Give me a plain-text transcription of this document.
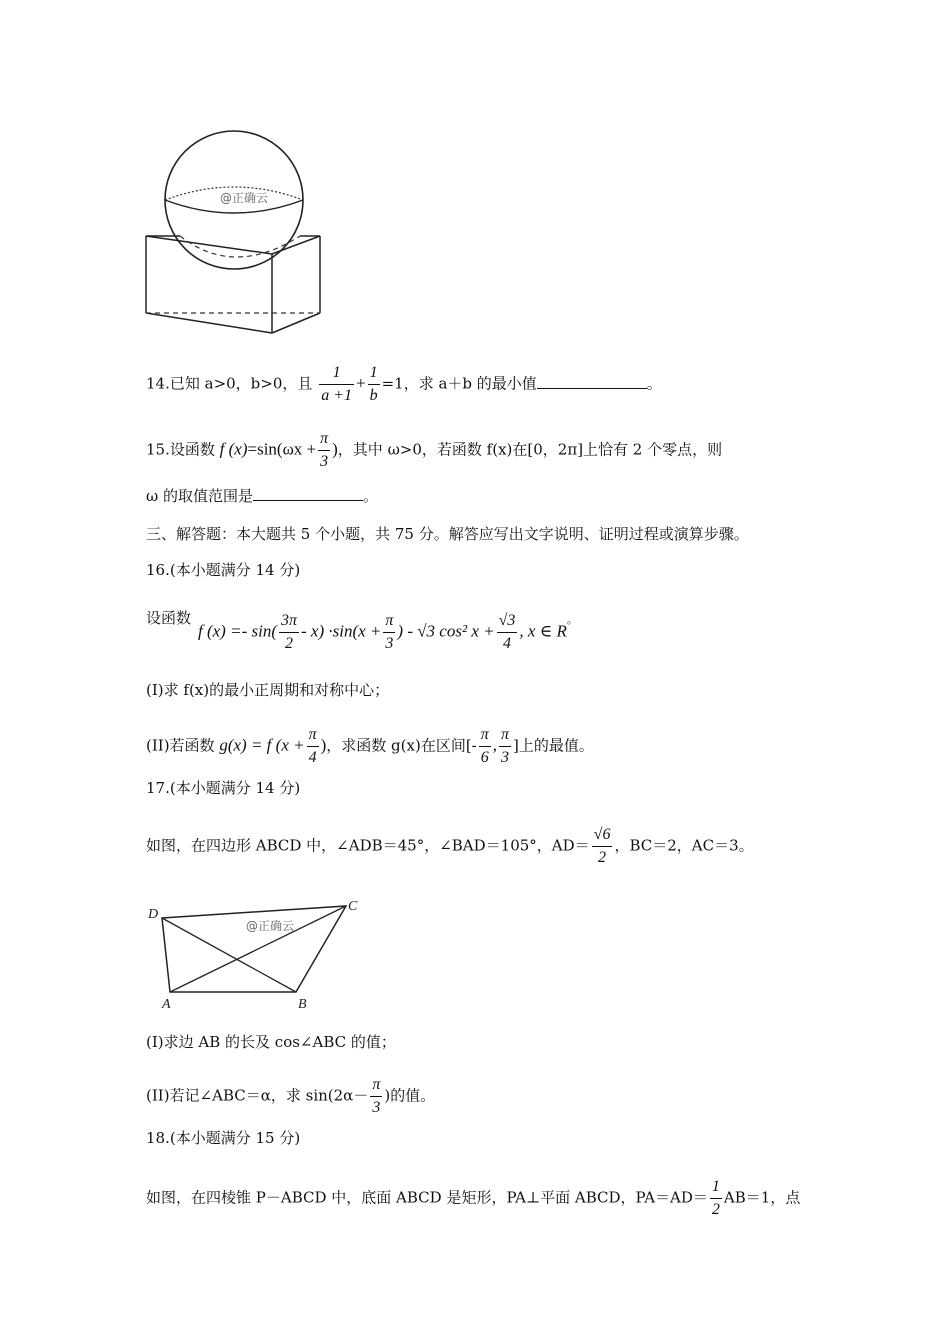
@正确云
14.已知 a>0，b>0，且 $\frac{1}{a +1} + \frac{1}{b} =1$，求 a＋b 的最小值	。
15.设函数 f $(x)=\sin(\omega x + \frac{\pi}{3}$ )，其中 ω>0，若函数 f(x)在[0，2π]上恰有 2 个零点，则
ω 的取值范围是	。
三、解答题：本大题共 5 个小题，共 75 分。解答应写出文字说明、证明过程或演算步骤。
16.(本小题满分 14 分)
设函数
f $(x) =- \sin( \frac{3\pi}{2} - x) \cdot\sin(x + \frac{\pi}{3}$ ) - √3 cos² $x + \frac{√3}{4}$ , x ∈ R。
(I)求 f(x)的最小正周期和对称中心；
(II)若函数 g(x) = f ($x + \frac{\pi}{4}$ )，求函数 g(x)在区间[- $\frac{\pi}{6}$ , $\frac{\pi}{3}$ ]上的最值。
17.(本小题满分 14 分)
如图，在四边形 ABCD 中，∠ADB＝45°，∠BAD＝105°，$AD= \frac{√6}{2}$ ，BC＝2，AC＝3。
@正确云
D
C
A	B
(I)求边 AB 的长及 cos∠ABC 的值；
(II)若记∠ABC＝α，求 $\sin(2\alpha- \frac{\pi}{3}$ )的值。
18.(本小题满分 15 分)
如图，在四棱锥 P－ABCD 中，底面 ABCD 是矩形，PA⊥平面 ABCD，$PA=AD= \frac{1}{2} AB=1$，点
